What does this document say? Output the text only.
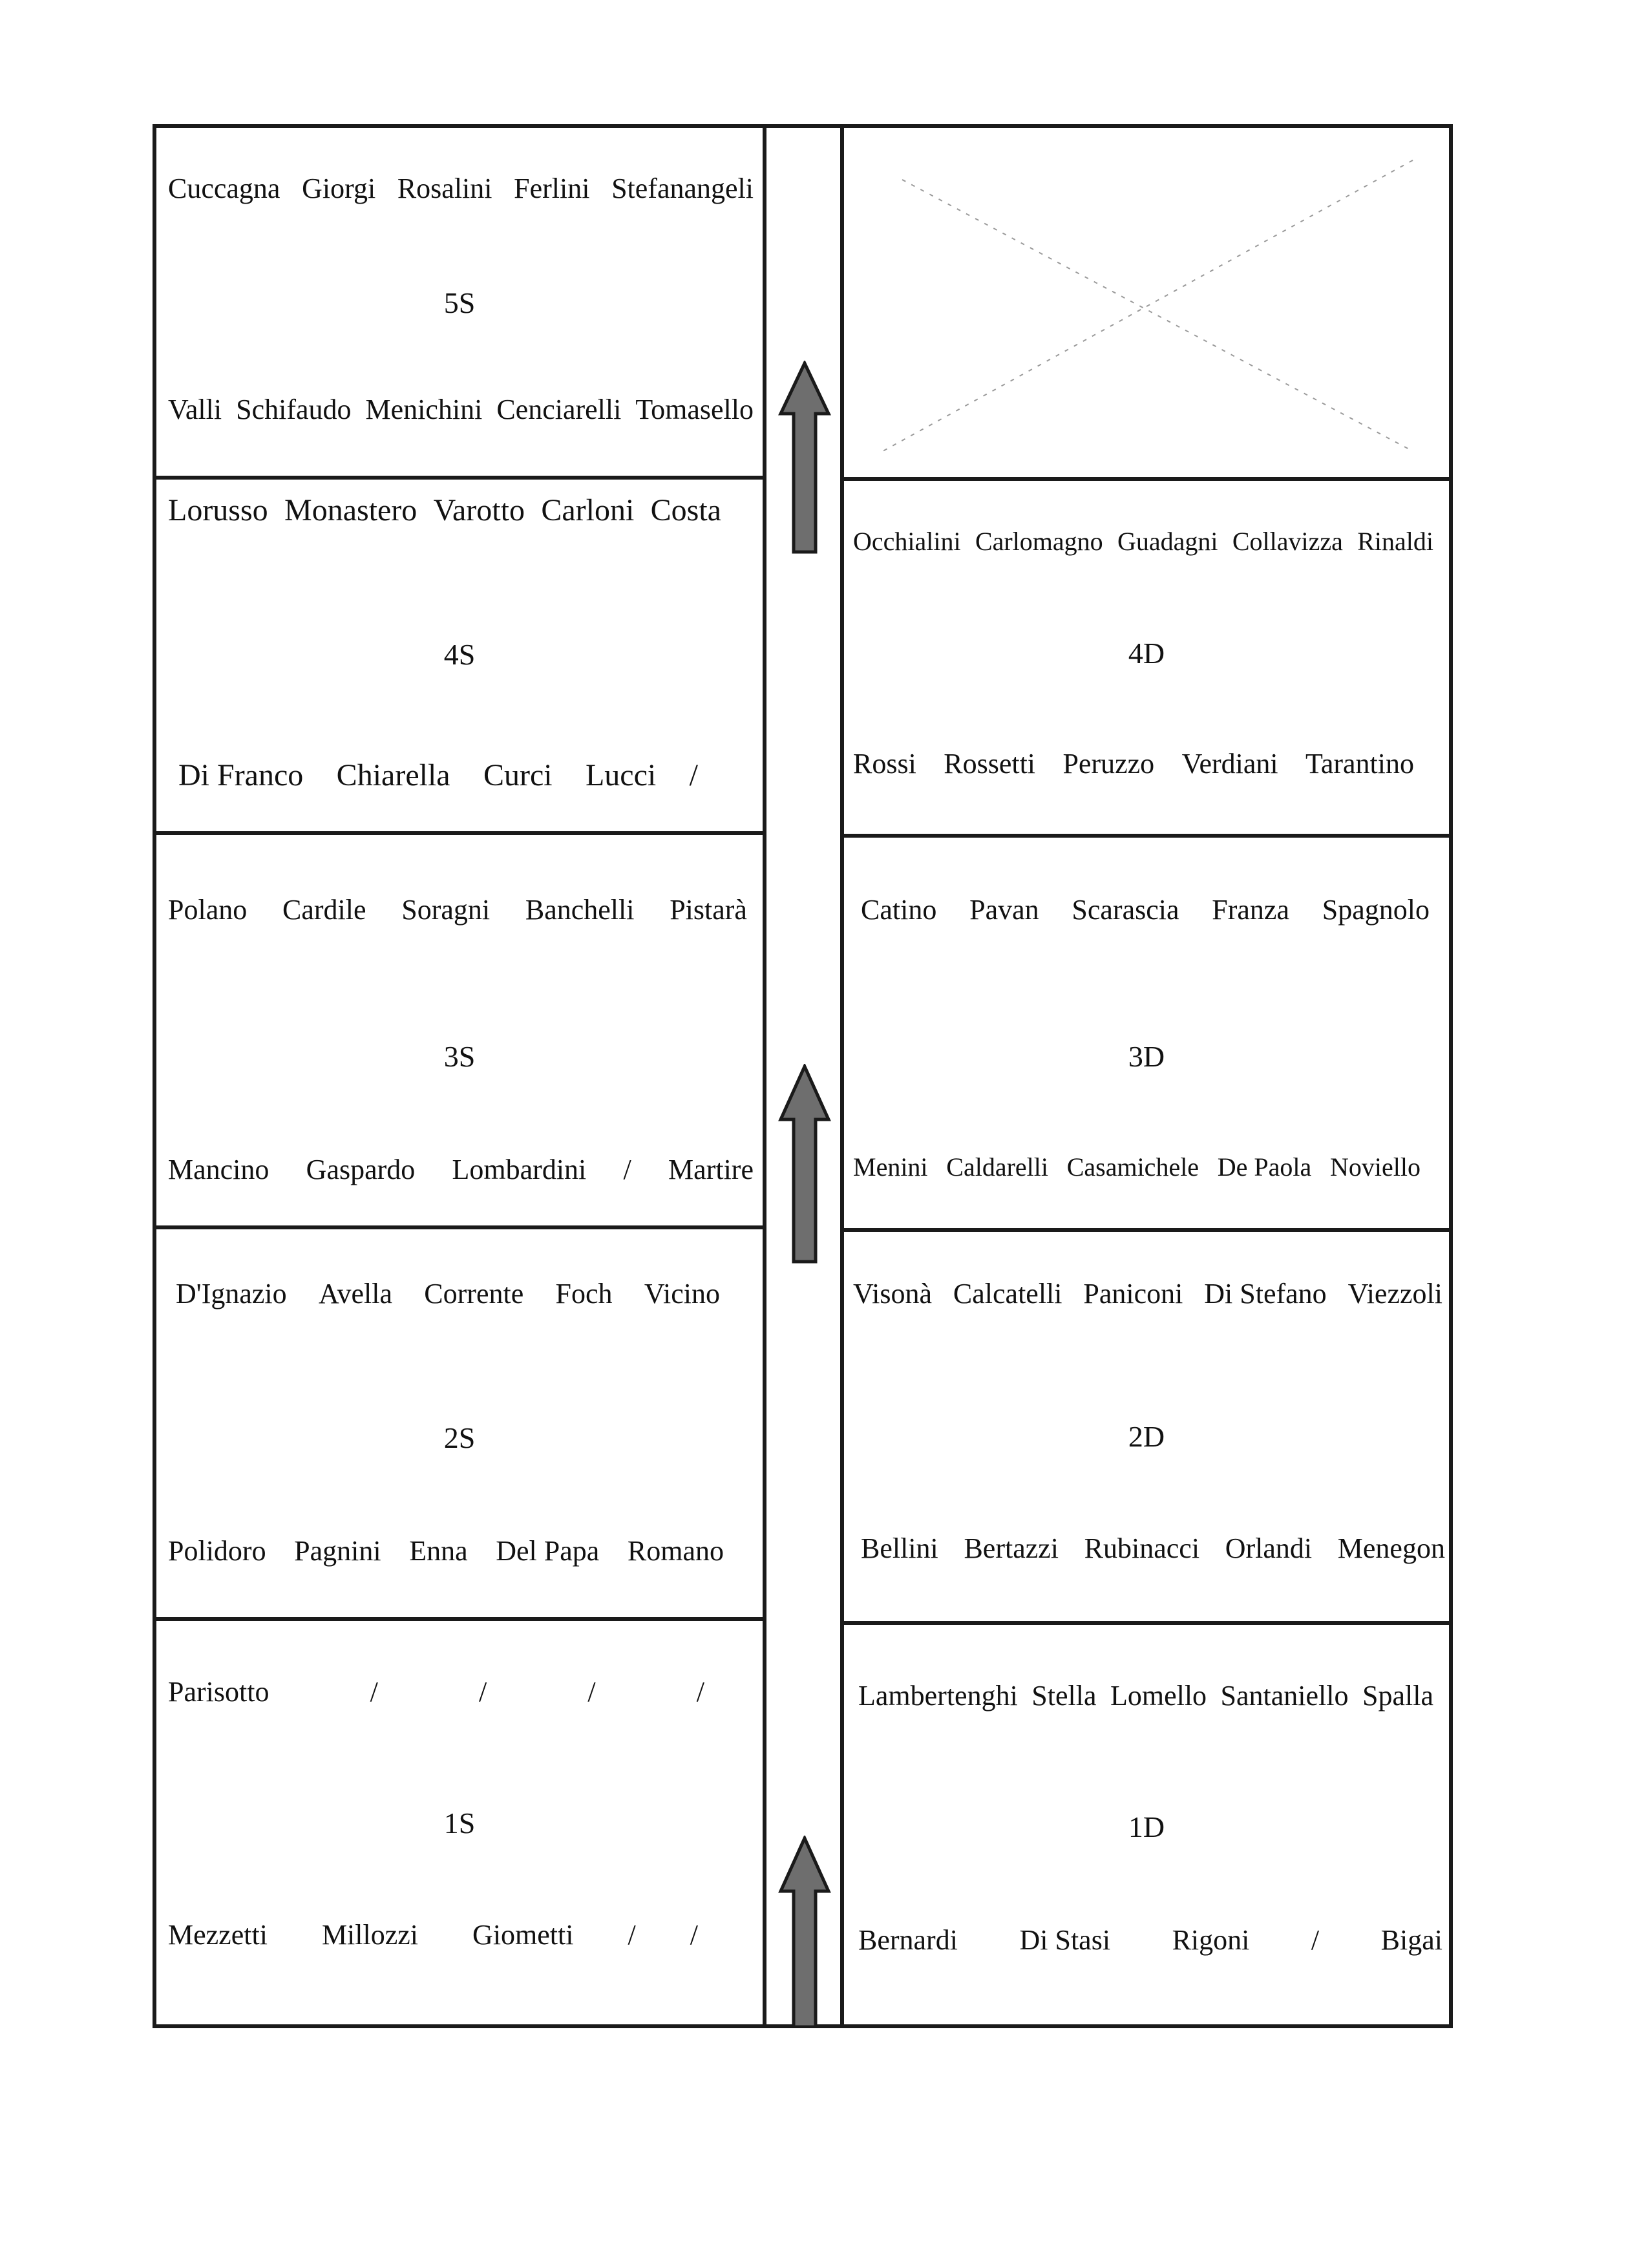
Cuccagna Giorgi Rosalini Ferlini Stefanangeli
5S
Valli Schifaudo Menichini Cenciarelli Tomasello
Lorusso Monastero Varotto Carloni Costa
4S
Di Franco Chiarella Curci Lucci /
Polano Cardile Soragni Banchelli Pistarà
3S
Mancino Gaspardo Lombardini / Martire
D'Ignazio Avella Corrente Foch Vicino
2S
Polidoro Pagnini Enna Del Papa Romano
Parisotto	/	/	/	/
1S
Mezzetti Millozzi Giometti / /
Occhialini Carlomagno Guadagni Collavizza Rinaldi
4D
Rossi Rossetti Peruzzo Verdiani Tarantino
Catino Pavan Scarascia Franza Spagnolo
3D
Menini Caldarelli Casamichele De Paola Noviello
Visonà Calcatelli Paniconi Di Stefano Viezzoli
2D
Bellini Bertazzi Rubinacci Orlandi Menegon
Lambertenghi Stella Lomello Santaniello Spalla
1D
Bernardi Di Stasi Rigoni / Bigai
